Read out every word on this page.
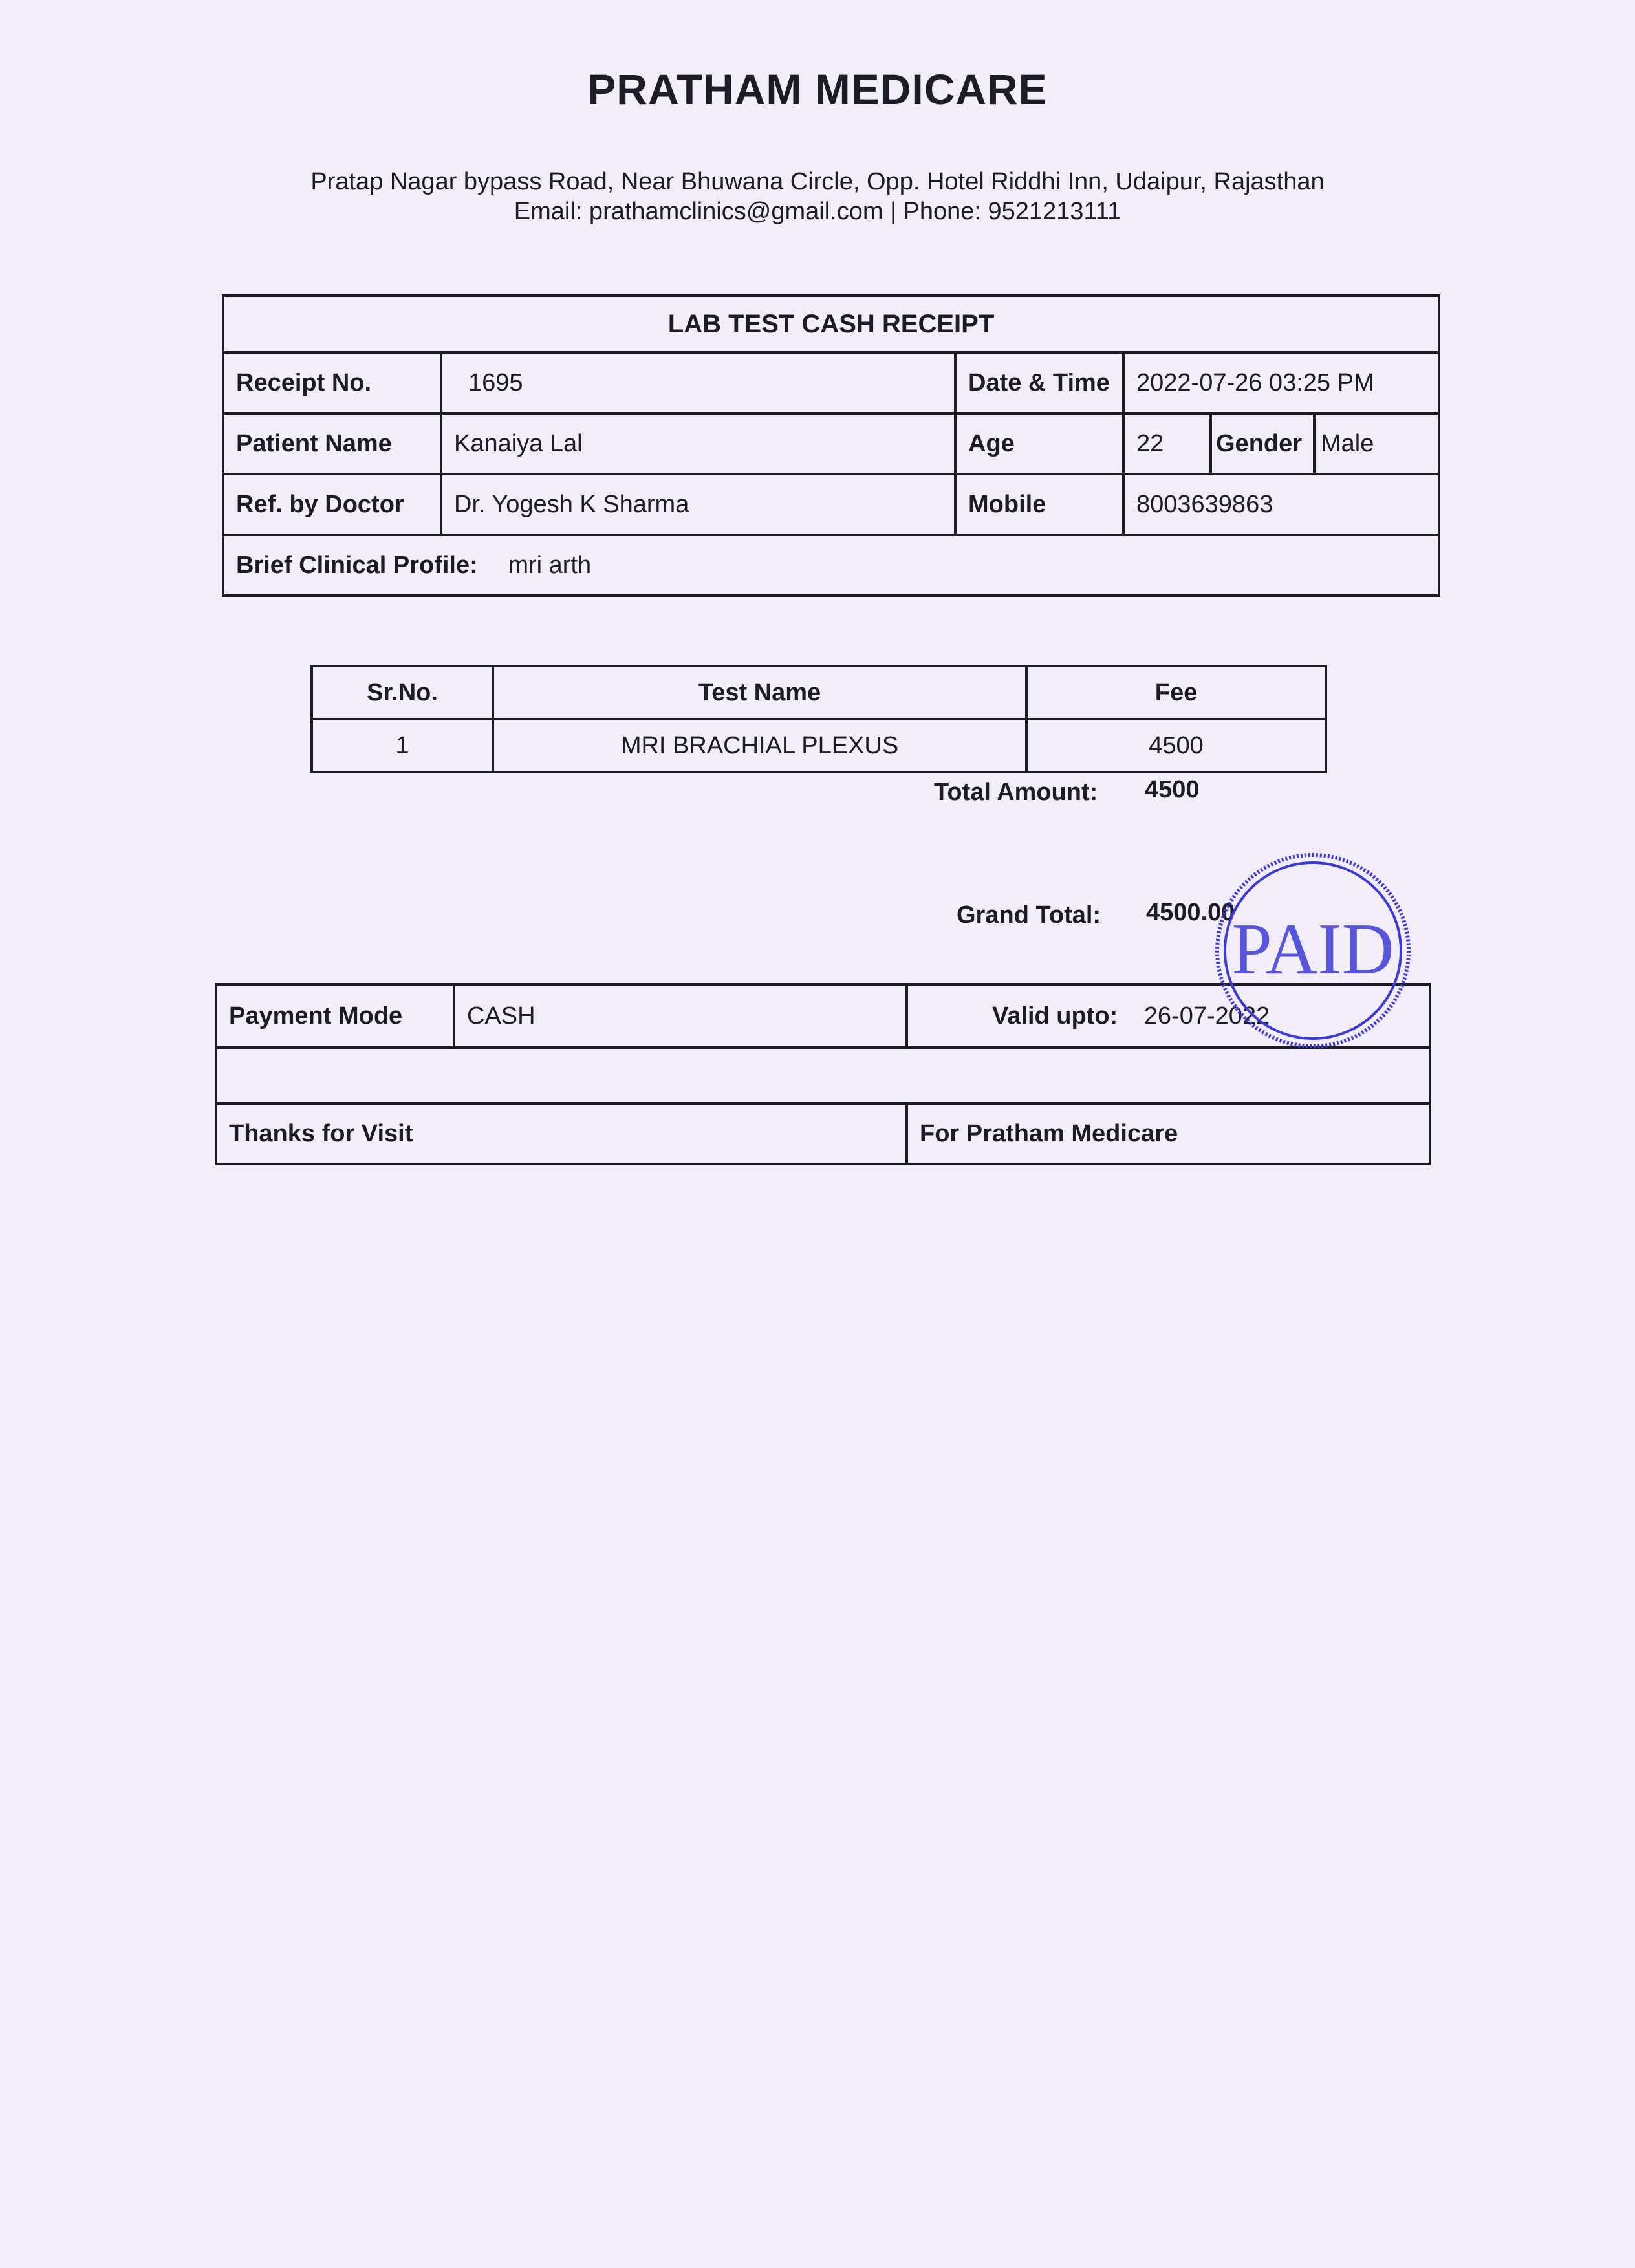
PRATHAM MEDICARE
Pratap Nagar bypass Road, Near Bhuwana Circle, Opp. Hotel Riddhi Inn, Udaipur, Rajasthan
Email: prathamclinics@gmail.com | Phone: 9521213111
LAB TEST CASH RECEIPT					
Receipt No.	1695	Date & Time	2022-07-26 03:25 PM		
Patient Name	Kanaiya Lal	Age	22	Gender	Male
Ref. by Doctor	Dr. Yogesh K Sharma	Mobile	8003639863		
Brief Clinical Profile: mri arth					
Sr.No.	Test Name	Fee
1	MRI BRACHIAL PLEXUS	4500
Total Amount: 4500
Grand Total: 4500.00
Payment Mode	CASH	Valid upto: 26-07-2022

Thanks for Visit		For Pratham Medicare
PAID
